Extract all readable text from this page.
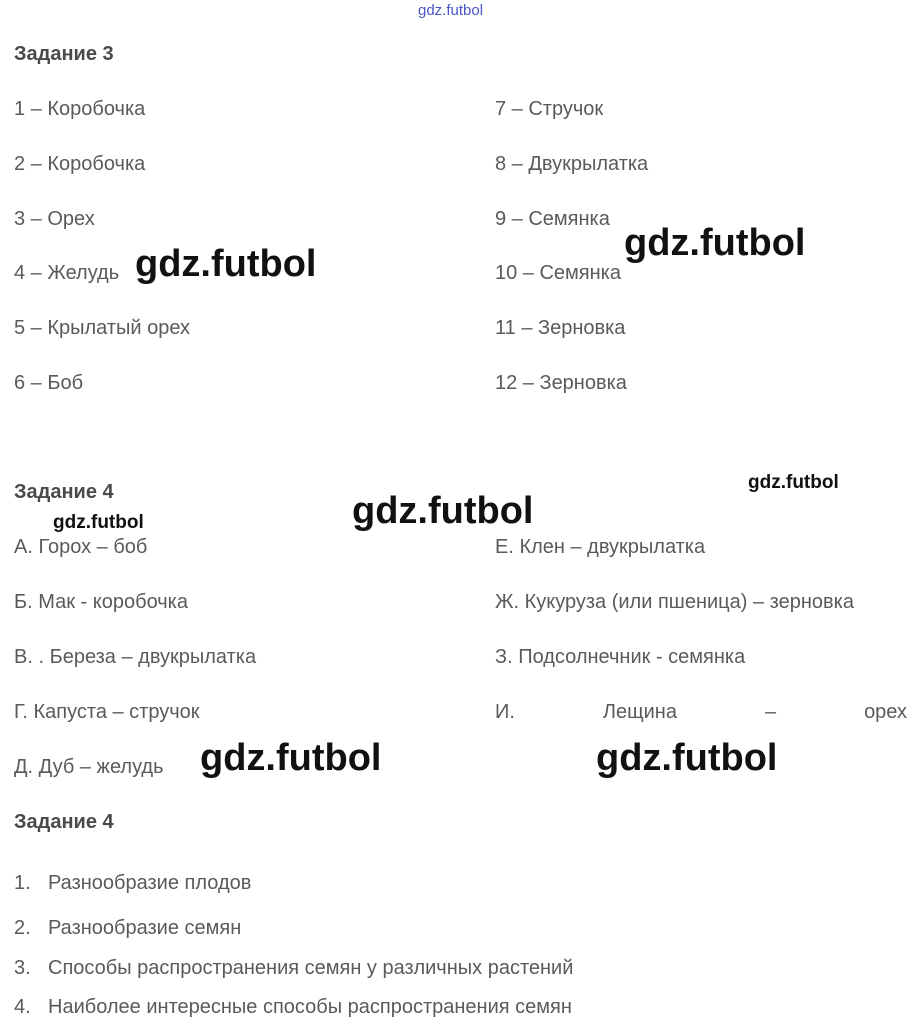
gdz.futbol
Задание 3
1 – Коробочка
2 – Коробочка
3 – Орех
4 – Желудь
5 – Крылатый орех
6 – Боб
7 – Стручок
8 – Двукрылатка
9 – Семянка
10 – Семянка
11 – Зерновка
12 – Зерновка
Задание 4
А. Горох – боб
Б. Мак - коробочка
В. . Береза – двукрылатка
Г. Капуста – стручок
Д. Дуб – желудь
Е. Клен – двукрылатка
Ж. Кукуруза (или пшеница) – зерновка
З. Подсолнечник - семянка
И.	Лещина	–	орех
Задание 4
1. Разнообразие плодов
2. Разнообразие семян
3. Способы распространения семян у различных растений
4. Наиболее интересные способы распространения семян
gdz.futbol	gdz.futbol
gdz.futbol
gdz.futbol
gdz.futbol
gdz.futbol	gdz.futbol
